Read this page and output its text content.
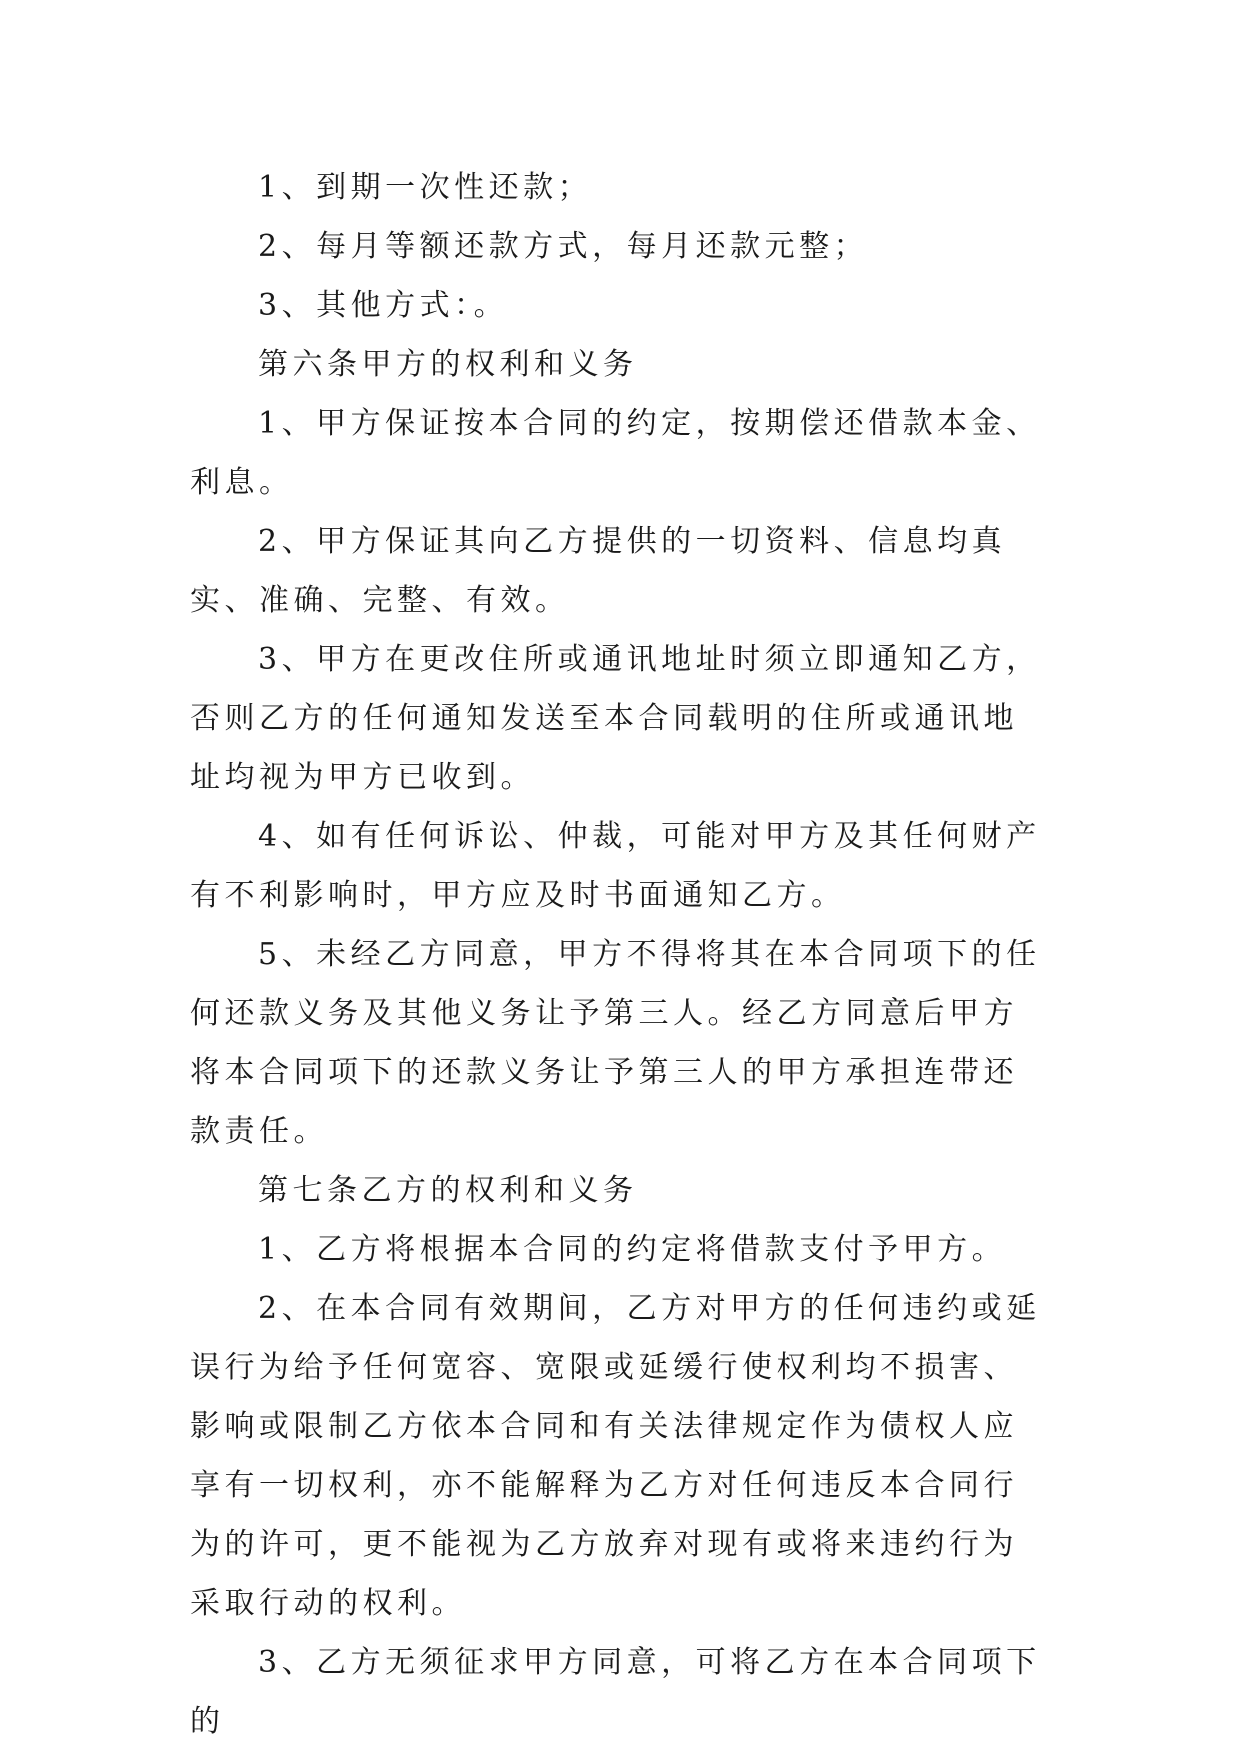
1、到期一次性还款；

2、每月等额还款方式，每月还款元整；

3、其他方式：。

第六条甲方的权利和义务

1、甲方保证按本合同的约定，按期偿还借款本金、利息。

2、甲方保证其向乙方提供的一切资料、信息均真实、准确、完整、有效。

3、甲方在更改住所或通讯地址时须立即通知乙方，否则乙方的任何通知发送至本合同载明的住所或通讯地址均视为甲方已收到。

4、如有任何诉讼、仲裁，可能对甲方及其任何财产有不利影响时，甲方应及时书面通知乙方。

5、未经乙方同意，甲方不得将其在本合同项下的任何还款义务及其他义务让予第三人。经乙方同意后甲方将本合同项下的还款义务让予第三人的甲方承担连带还款责任。

第七条乙方的权利和义务

1、乙方将根据本合同的约定将借款支付予甲方。

2、在本合同有效期间，乙方对甲方的任何违约或延误行为给予任何宽容、宽限或延缓行使权利均不损害、影响或限制乙方依本合同和有关法律规定作为债权人应享有一切权利，亦不能解释为乙方对任何违反本合同行为的许可，更不能视为乙方放弃对现有或将来违约行为采取行动的权利。

3、乙方无须征求甲方同意，可将乙方在本合同项下的
